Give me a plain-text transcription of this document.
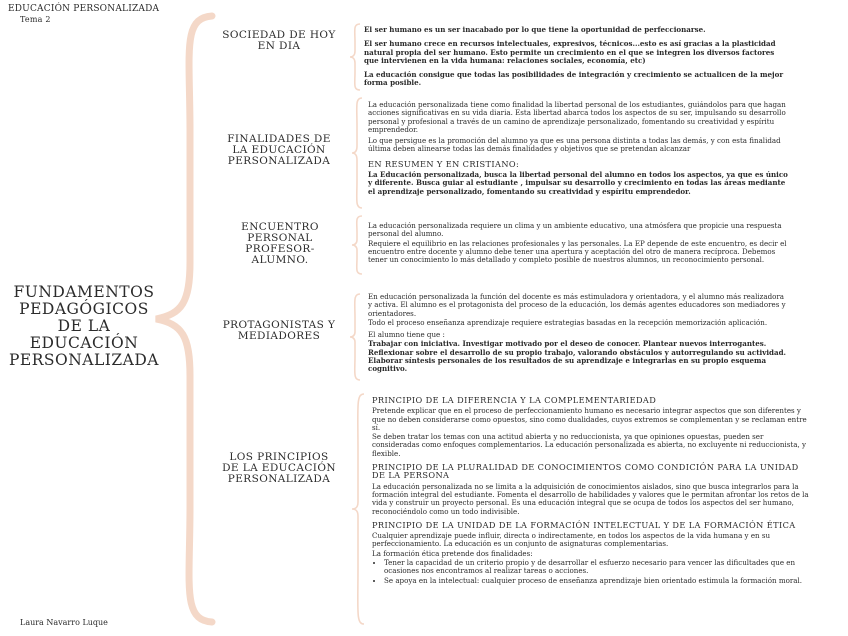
EDUCACIÓN PERSONALIZADA
Tema 2
FUNDAMENTOS PEDAGÓGICOS DE LA EDUCACIÓN PERSONALIZADA
Laura Navarro Luque
SOCIEDAD DE HOY EN DIA
FINALIDADES DE LA EDUCACIÓN PERSONALIZADA
ENCUENTRO PERSONAL PROFESOR-ALUMNO.
PROTAGONISTAS Y MEDIADORES
LOS PRINCIPIOS DE LA EDUCACIÓN PERSONALIZADA

El ser humano es un ser inacabado por lo que tiene la oportunidad de perfeccionarse.

El ser humano crece en recursos intelectuales, expresivos, técnicos...esto es así gracias a la plasticidad natural propia del ser humano. Esto permite un crecimiento en el que se integren los diversos factores que intervienen en la vida humana: relaciones sociales, economía, etc)

La educación consigue que todas las posibilidades de integración y crecimiento se actualicen de la mejor forma posible.

La educación personalizada tiene como finalidad la libertad personal de los estudiantes, guiándolos para que hagan acciones significativas en su vida diaria. Esta libertad abarca todos los aspectos de su ser, impulsando su desarrollo personal y profesional a través de un camino de aprendizaje personalizado, fomentando su creatividad y espíritu emprendedor.

Lo que persigue es la promoción del alumno ya que es una persona distinta a todas las demás, y con esta finalidad última deben alinearse todas las demás finalidades y objetivos que se pretendan alcanzar

EN RESUMEN Y EN CRISTIANO:

La Educación personalizada, busca la libertad personal del alumno en todos los aspectos, ya que es único y diferente. Busca guiar al estudiante , impulsar su desarrollo y crecimiento en todas las áreas mediante el aprendizaje personalizado, fomentando su creatividad y espíritu emprendedor.

La educación personalizada requiere un clima y un ambiente educativo, una atmósfera que propicie una respuesta personal del alumno.

Requiere el equilibrio en las relaciones profesionales y las personales. La EP depende de este encuentro, es decir el encuentro entre docente y alumno debe tener una apertura y aceptación del otro de manera recíproca. Debemos tener un conocimiento lo más detallado y completo posible de nuestros alumnos, un reconocimiento personal.

En educación personalizada la función del docente es más estimuladora y orientadora, y el alumno más realizadora y activa. El alumno es el protagonista del proceso de la educación, los demás agentes educadores son mediadores y orientadores.

Todo el proceso enseñanza aprendizaje requiere estrategias basadas en la recepción memorización aplicación.

El alumno tiene que :

Trabajar con iniciativa. Investigar motivado por el deseo de conocer. Plantear nuevos interrogantes.
Reflexionar sobre el desarrollo de su propio trabajo, valorando obstáculos y autorregulando su actividad.
Elaborar síntesis personales de los resultados de su aprendizaje e integrarlas en su propio esquema cognitivo.
PRINCIPIO DE LA DIFERENCIA Y LA COMPLEMENTARIEDAD

Pretende explicar que en el proceso de perfeccionamiento humano es necesario integrar aspectos que son diferentes y que no deben considerarse como opuestos, sino como dualidades, cuyos extremos se complementan y se reclaman entre sí.

Se deben tratar los temas con una actitud abierta y no reduccionista, ya que opiniones opuestas, pueden ser consideradas como enfoques complementarios. La educación personalizada es abierta, no excluyente ni reduccionista, y flexible.

PRINCIPIO DE LA PLURALIDAD DE CONOCIMIENTOS COMO CONDICIÓN PARA LA UNIDAD DE LA PERSONA

La educación personalizada no se limita a la adquisición de conocimientos aislados, sino que busca integrarlos para la formación integral del estudiante. Fomenta el desarrollo de habilidades y valores que le permitan afrontar los retos de la vida y construir un proyecto personal. Es una educación integral que se ocupa de todos los aspectos del ser humano, reconociéndolo como un todo indivisible.

PRINCIPIO DE LA UNIDAD DE LA FORMACIÓN INTELECTUAL Y DE LA FORMACIÓN ÉTICA

Cualquier aprendizaje puede influir, directa o indirectamente, en todos los aspectos de la vida humana y en su perfeccionamiento. La educación es un conjunto de asignaturas complementarias.

La formación ética pretende dos finalidades:

• Tener la capacidad de un criterio propio y de desarrollar el esfuerzo necesario para vencer las dificultades que en ocasiones nos encontramos al realizar tareas o acciones.
• Se apoya en la intelectual: cualquier proceso de enseñanza aprendizaje bien orientado estimula la formación moral.
